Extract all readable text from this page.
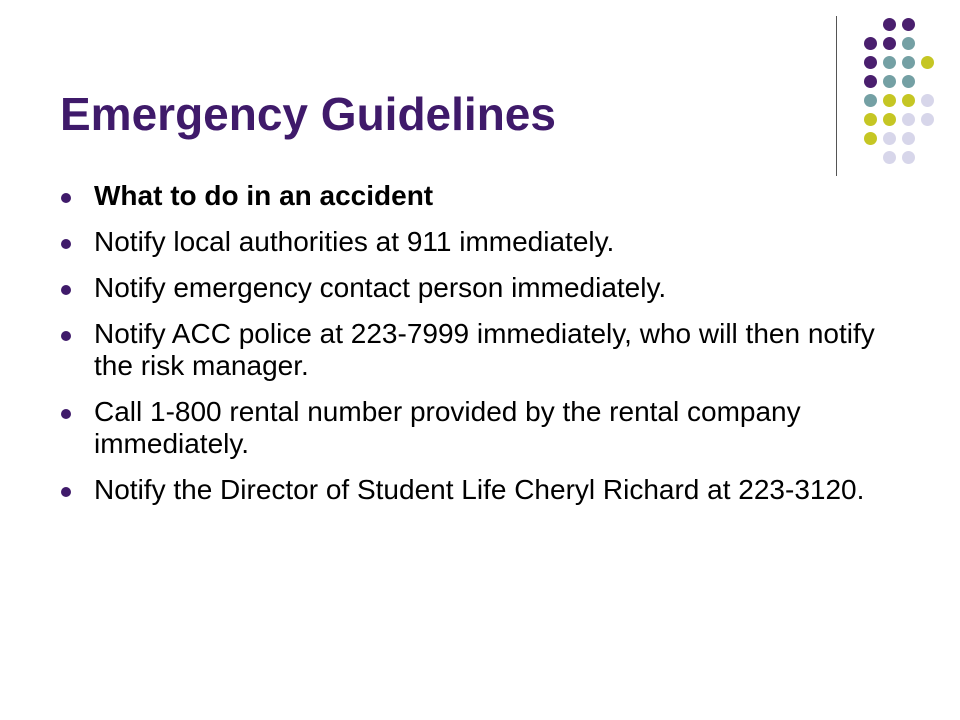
Emergency Guidelines
What to do in an accident
Notify local authorities at 911 immediately.
Notify emergency contact person immediately.
Notify ACC police at 223-7999 immediately, who will then notify the risk manager.
Call 1-800 rental number provided by the rental company immediately.
Notify the Director of Student Life Cheryl Richard at 223-3120.
